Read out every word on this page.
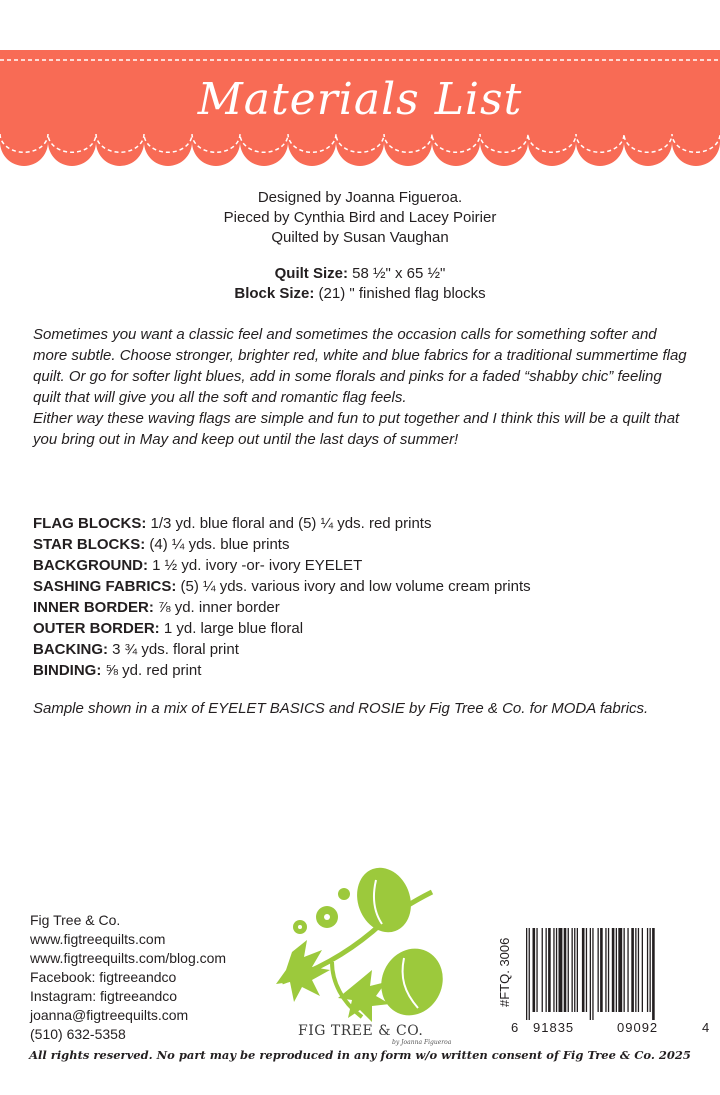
Materials List
Designed by Joanna Figueroa.
Pieced by Cynthia Bird and Lacey Poirier
Quilted by Susan Vaughan
Quilt Size: 58 ½" x 65 ½"
Block Size: (21) " finished flag blocks

Sometimes you want a classic feel and sometimes the occasion calls for something softer and more subtle. Choose stronger, brighter red, white and blue fabrics for a traditional summertime flag quilt. Or go for softer light blues, add in some florals and pinks for a faded “shabby chic” feeling quilt that will give you all the soft and romantic flag feels.

Either way these waving flags are simple and fun to put together and I think this will be a quilt that you bring out in May and keep out until the last days of summer!

FLAG BLOCKS: 1/3 yd. blue floral and (5) ¼ yds. red prints
STAR BLOCKS: (4) ¼ yds. blue prints
BACKGROUND: 1 ½ yd. ivory -or- ivory EYELET
SASHING FABRICS: (5) ¼ yds. various ivory and low volume cream prints
INNER BORDER: ⅞ yd. inner border
OUTER BORDER: 1 yd. large blue floral
BACKING: 3 ¾ yds. floral print
BINDING: ⅝ yd. red print
Sample shown in a mix of EYELET BASICS and ROSIE by Fig Tree & Co. for MODA fabrics.
Fig Tree & Co.
www.figtreequilts.com
www.figtreequilts.com/blog.com
Facebook: figtreeandco
Instagram: figtreeandco
joanna@figtreequilts.com
(510) 632-5358	FIG TREE & CO.
by Joanna Figueroa
#FTQ. 3006
6 91835	09092	4
All rights reserved. No part may be reproduced in any form w/o written consent of Fig Tree & Co. 2025
